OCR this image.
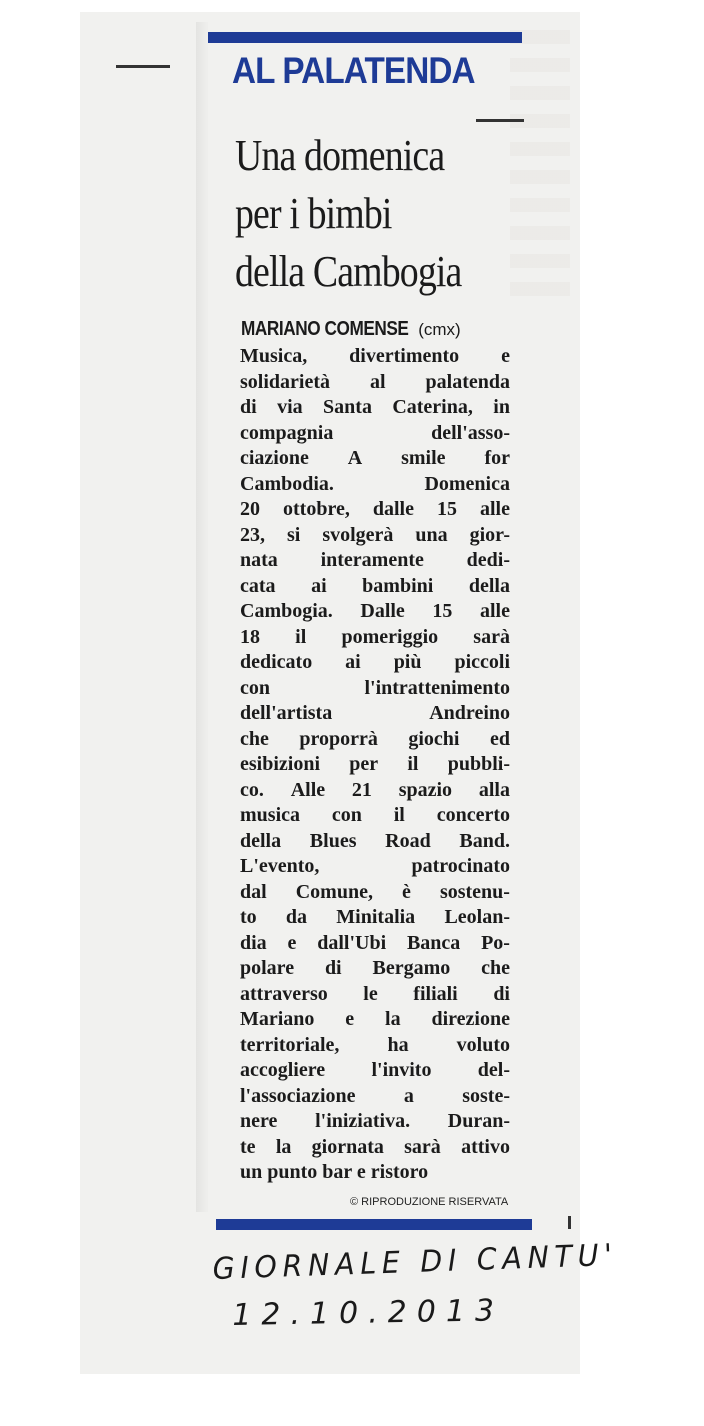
AL PALATENDA
Una domenica
per i bimbi
della Cambogia
MARIANO COMENSE (cmx)
Musica, divertimento e
solidarietà al palatenda
di via Santa Caterina, in
compagnia	dell'asso-
ciazione A smile for
Cambodia.	Domenica
20 ottobre, dalle 15 alle
23, si svolgerà una gior-
nata interamente dedi-
cata ai bambini della
Cambogia. Dalle 15 alle
18 il pomeriggio sarà
dedicato ai più piccoli
con	l'intrattenimento
dell'artista	Andreino
che proporrà giochi ed
esibizioni per il pubbli-
co. Alle 21 spazio alla
musica con il concerto
della Blues Road Band.
L'evento,	patrocinato
dal Comune, è sostenu-
to da Minitalia Leolan-
dia e dall'Ubi Banca Po-
polare di Bergamo che
attraverso le filiali di
Mariano e la direzione
territoriale, ha voluto
accogliere l'invito del-
l'associazione a soste-
nere l'iniziativa. Duran-
te la giornata sarà attivo
un punto bar e ristoro
© RIPRODUZIONE RISERVATA
GIORNALE DI CANTU'
12.10.2013
